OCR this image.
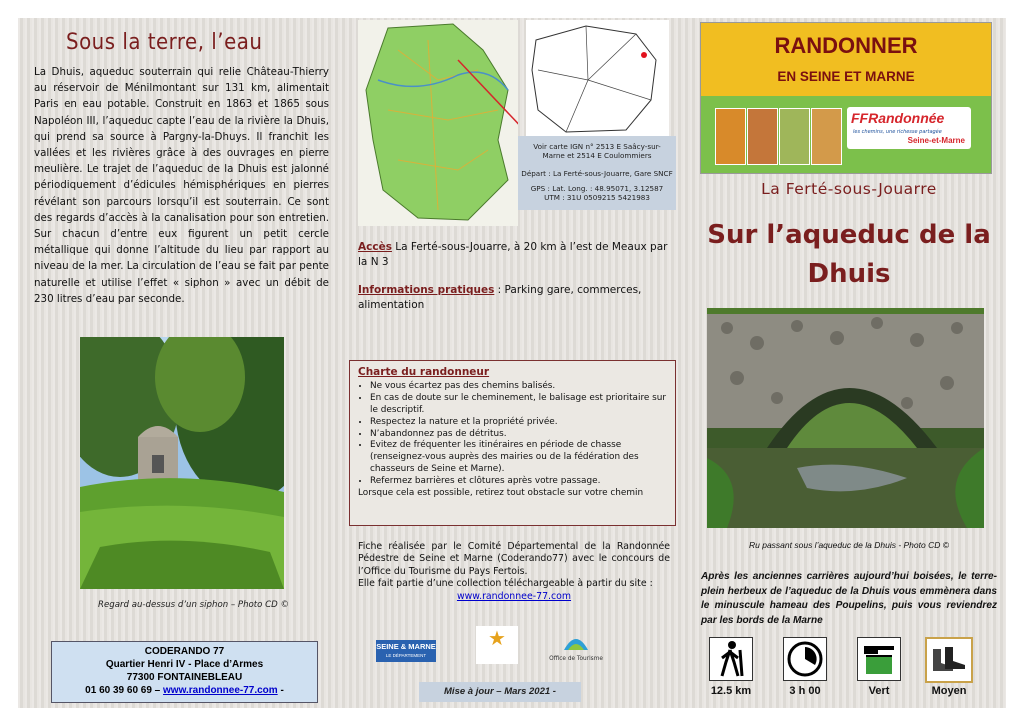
Sous la terre, l’eau
La Dhuis, aqueduc souterrain qui relie Château-Thierry au réservoir de Ménilmontant sur 131 km, alimentait Paris en eau potable. Construit en 1863 et 1865 sous Napoléon III, l’aqueduc capte l’eau de la rivière la Dhuis, qui prend sa source à Pargny-la-Dhuys. Il franchit les vallées et les rivières grâce à des ouvrages en pierre meulière. Le trajet de l’aqueduc de la Dhuis est jalonné périodiquement d’édicules hémisphériques en pierres révélant son parcours lorsqu’il est souterrain. Ce sont des regards d’accès à la canalisation pour son entretien. Sur chacun d’entre eux figurent un petit cercle métallique qui donne l’altitude du lieu par rapport au niveau de la mer. La circulation de l’eau se fait par pente naturelle et utilise l’effet « siphon » avec un débit de 230 litres d’eau par seconde.
Regard au-dessus d’un siphon – Photo CD ©
CODERANDO 77
Quartier Henri IV - Place d’Armes
77300 FONTAINEBLEAU
01 60 39 60 69 – www.randonnee-77.com -
Voir carte IGN n° 2513 E Saâcy-sur-Marne et 2514 E Coulommiers
Départ : La Ferté-sous-Jouarre, Gare SNCF
GPS : Lat. Long. : 48.95071, 3.12587
UTM : 31U 0509215 5421983
Accès La Ferté-sous-Jouarre, à 20 km à l’est de Meaux par la N 3
Informations pratiques : Parking gare, commerces, alimentation
Charte du randonneur
• Ne vous écartez pas des chemins balisés.
• En cas de doute sur le cheminement, le balisage est prioritaire sur le descriptif.
• Respectez la nature et la propriété privée.
• N’abandonnez pas de détritus.
• Evitez de fréquenter les itinéraires en période de chasse (renseignez-vous auprès des mairies ou de la fédération des chasseurs de Seine et Marne).
• Refermez barrières et clôtures après votre passage.
Lorsque cela est possible, retirez tout obstacle sur votre chemin
Fiche réalisée par le Comité Départemental de la Randonnée Pédestre de Seine et Marne (Coderando77) avec le concours de l’Office du Tourisme du Pays Fertois.
Elle fait partie d’une collection téléchargeable à partir du site :
www.randonnee-77.com
SEINE & MARNE
LE DÉPARTEMENT
★
Office de Tourisme
Mise à jour – Mars 2021 -
RANDONNER
EN SEINE ET MARNE
FFRandonnée
les chemins, une richesse partagée
Seine-et-Marne
La Ferté-sous-Jouarre
Sur l’aqueduc de la Dhuis
Ru passant sous l’aqueduc de la Dhuis - Photo CD ©
Après les anciennes carrières aujourd’hui boisées, le terre-plein herbeux de l’aqueduc de la Dhuis vous emmènera dans le minuscule hameau des Poupelins, puis vous reviendrez par les bords de la Marne
12.5 km	3 h 00	Vert	Moyen
